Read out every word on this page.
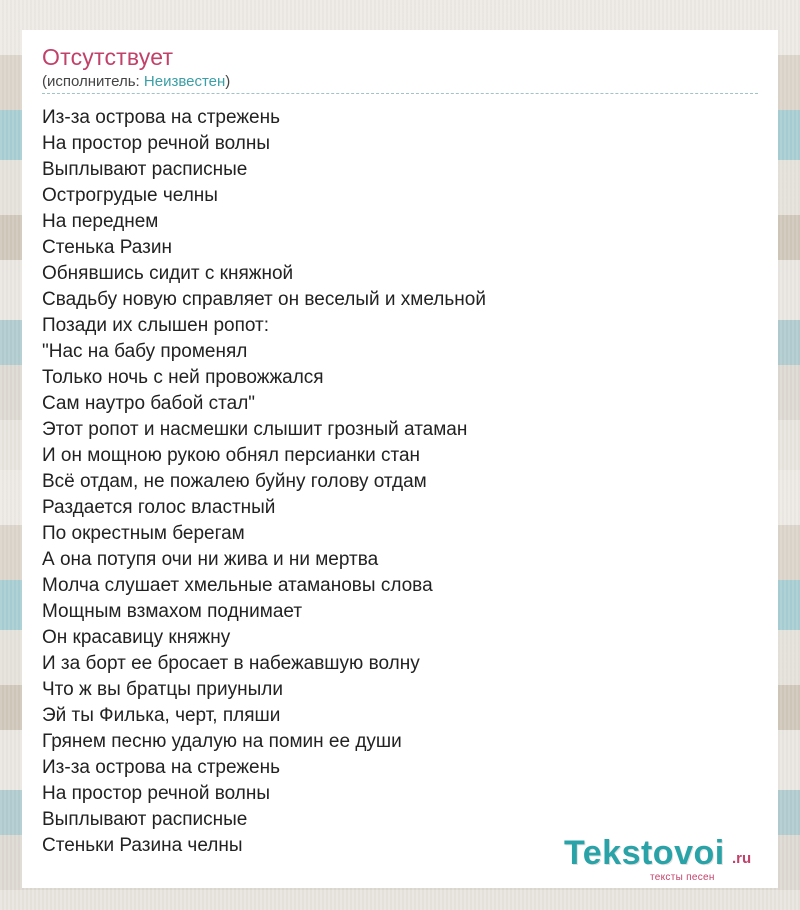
Отсутствует
(исполнитель: Неизвестен)
Из-за острова на стрежень
На простор речной волны
Выплывают расписные
Острогрудые челны
На переднем
Стенька Разин
Обнявшись сидит с княжной
Свадьбу новую справляет он веселый и хмельной
Позади их слышен ропот:
"Нас на бабу променял
Только ночь с ней провожжался
Сам наутро бабой стал"
Этот ропот и насмешки слышит грозный атаман
И он мощною рукою обнял персианки стан
Всё отдам, не пожалею буйну голову отдам
Раздается голос властный
По окрестным берегам
А она потупя очи ни жива и ни мертва
Молча слушает хмельные атамановы слова
Мощным взмахом поднимает
Он красавицу княжну
И за борт ее бросает в набежавшую волну
Что ж вы братцы приуныли
Эй ты Филька, черт, пляши
Грянем песню удалую на помин ее души
Из-за острова на стрежень
На простор речной волны
Выплывают расписные
Стеньки Разина челны	Tekstovoi .ru
тексты песен
